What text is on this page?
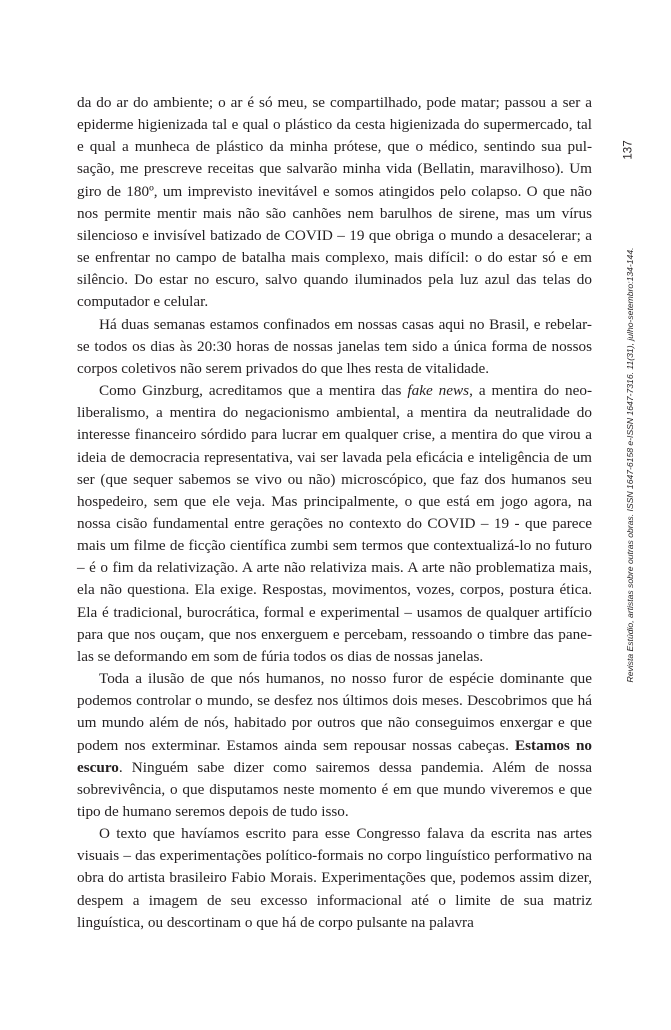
da do ar do ambiente; o ar é só meu, se compartilhado, pode matar; passou a ser a epiderme higienizada tal e qual o plástico da cesta higienizada do supermercado, tal e qual a munheca de plástico da minha prótese, que o médico, sentindo sua pulsação, me prescreve receitas que salvarão minha vida (Bellatin, maravilhoso). Um giro de 180º, um imprevisto inevitável e somos atingidos pelo colapso. O que não nos permite mentir mais não são canhões nem barulhos de sirene, mas um vírus silencioso e invisível batizado de COVID – 19 que obriga o mundo a desacelerar; a se enfrentar no campo de batalha mais complexo, mais difícil: o do estar só e em silêncio. Do estar no escuro, salvo quando iluminados pela luz azul das telas do computador e celular.

Há duas semanas estamos confinados em nossas casas aqui no Brasil, e rebelar-se todos os dias às 20:30 horas de nossas janelas tem sido a única forma de nossos corpos coletivos não serem privados do que lhes resta de vitalidade.

Como Ginzburg, acreditamos que a mentira das fake news, a mentira do neoliberalismo, a mentira do negacionismo ambiental, a mentira da neutralidade do interesse financeiro sórdido para lucrar em qualquer crise, a mentira do que virou a ideia de democracia representativa, vai ser lavada pela eficácia e inteligência de um ser (que sequer sabemos se vivo ou não) microscópico, que faz dos humanos seu hospedeiro, sem que ele veja. Mas principalmente, o que está em jogo agora, na nossa cisão fundamental entre gerações no contexto do COVID – 19 - que parece mais um filme de ficção científica zumbi sem termos que contextualizá-lo no futuro – é o fim da relativização. A arte não relativiza mais. A arte não problematiza mais, ela não questiona. Ela exige. Respostas, movimentos, vozes, corpos, postura ética. Ela é tradicional, burocrática, formal e experimental – usamos de qualquer artifício para que nos ouçam, que nos enxerguem e percebam, ressoando o timbre das panelas se deformando em som de fúria todos os dias de nossas janelas.

Toda a ilusão de que nós humanos, no nosso furor de espécie dominante que podemos controlar o mundo, se desfez nos últimos dois meses. Descobrimos que há um mundo além de nós, habitado por outros que não conseguimos enxergar e que podem nos exterminar. Estamos ainda sem repousar nossas cabeças. Estamos no escuro. Ninguém sabe dizer como sairemos dessa pandemia. Além de nossa sobrevivência, o que disputamos neste momento é em que mundo viveremos e que tipo de humano seremos depois de tudo isso.

O texto que havíamos escrito para esse Congresso falava da escrita nas artes visuais – das experimentações político-formais no corpo linguístico performativo na obra do artista brasileiro Fabio Morais. Experimentações que, podemos assim dizer, despem a imagem de seu excesso informacional até o limite de sua matriz linguística, ou descortinam o que há de corpo pulsante na palavra

137
Revista Estúdio, artistas sobre outras obras. ISSN 1647-6158 e-ISSN 1647-7316. 11(31), julho-setembro:134-144.
